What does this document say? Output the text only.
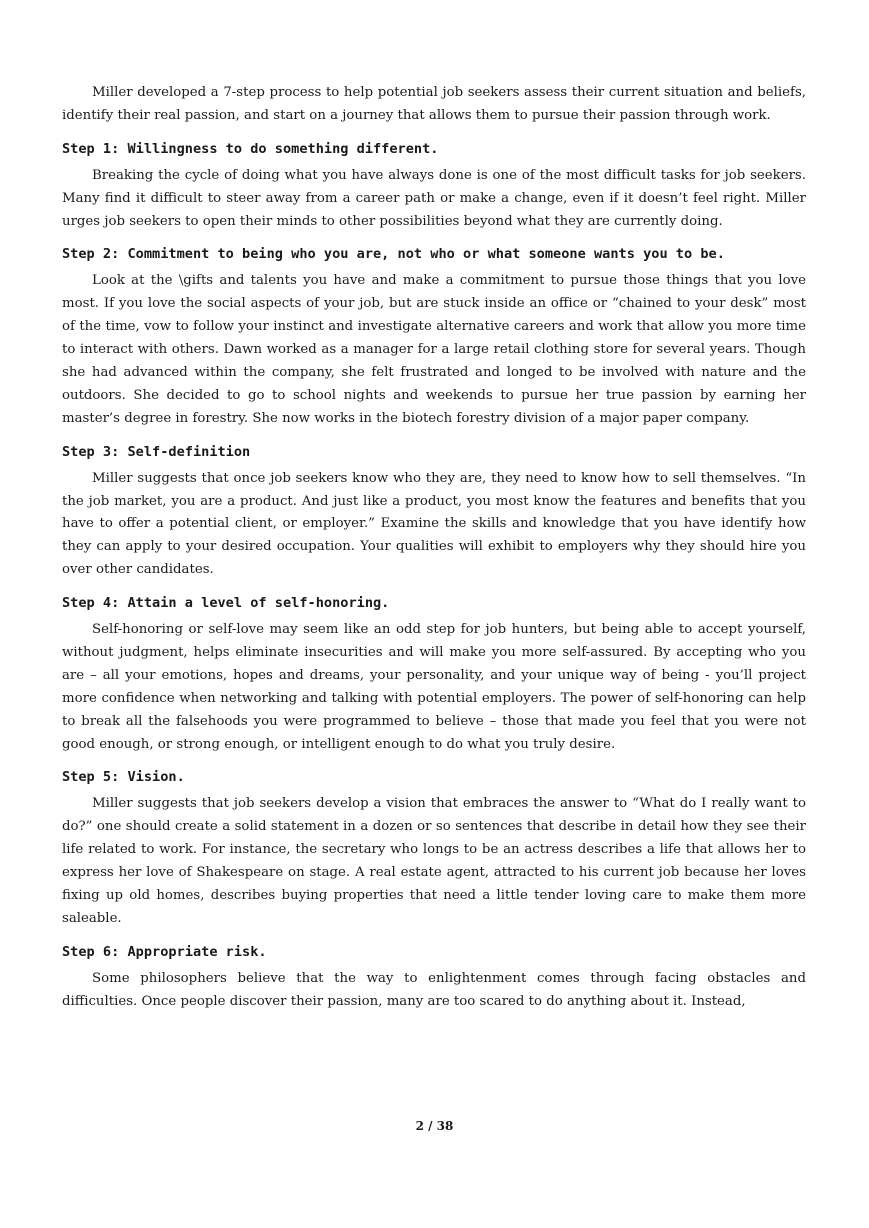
Miller developed a 7-step process to help potential job seekers assess their current situation and beliefs, identify their real passion, and start on a journey that allows them to pursue their passion through work.

Step 1: Willingness to do something different.

Breaking the cycle of doing what you have always done is one of the most difficult tasks for job seekers. Many find it difficult to steer away from a career path or make a change, even if it doesn’t feel right. Miller urges job seekers to open their minds to other possibilities beyond what they are currently doing.

Step 2: Commitment to being who you are, not who or what someone wants you to be.

Look at the \gifts and talents you have and make a commitment to pursue those things that you love most. If you love the social aspects of your job, but are stuck inside an office or “chained to your desk” most of the time, vow to follow your instinct and investigate alternative careers and work that allow you more time to interact with others. Dawn worked as a manager for a large retail clothing store for several years. Though she had advanced within the company, she felt frustrated and longed to be involved with nature and the outdoors. She decided to go to school nights and weekends to pursue her true passion by earning her master’s degree in forestry. She now works in the biotech forestry division of a major paper company.

Step 3: Self-definition

Miller suggests that once job seekers know who they are, they need to know how to sell themselves. “In the job market, you are a product. And just like a product, you most know the features and benefits that you have to offer a potential client, or employer.” Examine the skills and knowledge that you have identify how they can apply to your desired occupation. Your qualities will exhibit to employers why they should hire you over other candidates.

Step 4: Attain a level of self-honoring.

Self-honoring or self-love may seem like an odd step for job hunters, but being able to accept yourself, without judgment, helps eliminate insecurities and will make you more self-assured. By accepting who you are – all your emotions, hopes and dreams, your personality, and your unique way of being - you’ll project more confidence when networking and talking with potential employers. The power of self-honoring can help to break all the falsehoods you were programmed to believe – those that made you feel that you were not good enough, or strong enough, or intelligent enough to do what you truly desire.

Step 5: Vision.

Miller suggests that job seekers develop a vision that embraces the answer to “What do I really want to do?” one should create a solid statement in a dozen or so sentences that describe in detail how they see their life related to work. For instance, the secretary who longs to be an actress describes a life that allows her to express her love of Shakespeare on stage. A real estate agent, attracted to his current job because her loves fixing up old homes, describes buying properties that need a little tender loving care to make them more saleable.

Step 6: Appropriate risk.

Some philosophers believe that the way to enlightenment comes through facing obstacles and difficulties. Once people discover their passion, many are too scared to do anything about it. Instead,

2 / 38
